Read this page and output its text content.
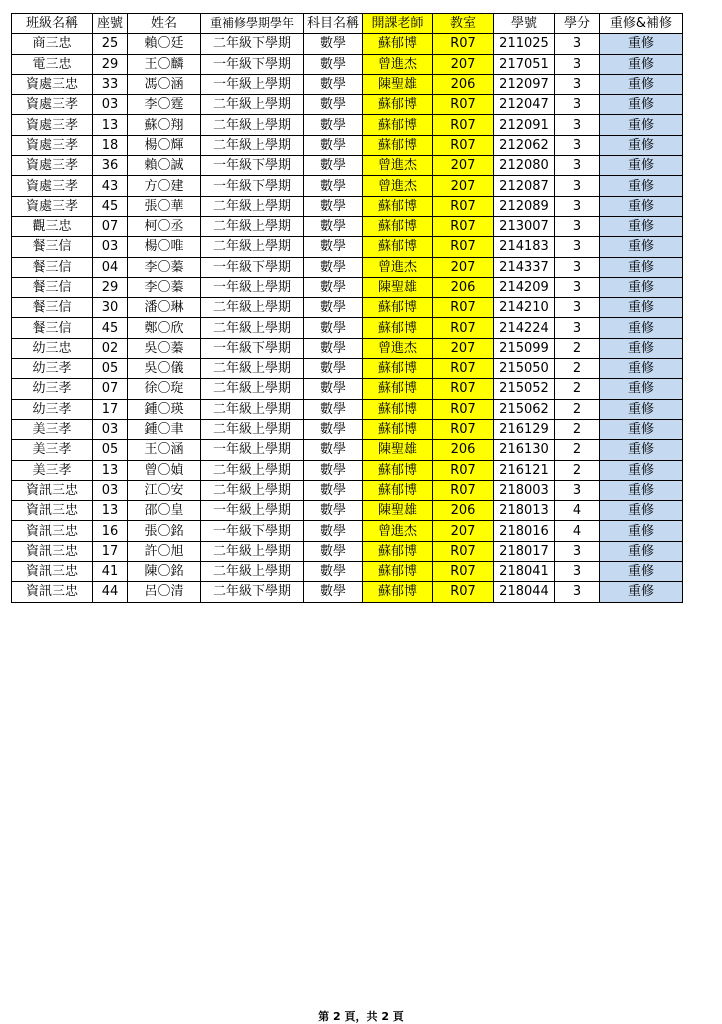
班級名稱	座號	姓名	重補修學期學年	科目名稱	開課老師	教室	學號	學分	重修&補修
商三忠	25	賴〇廷	二年級下學期	數學	蘇郁博	R07	211025	3	重修
電三忠	29	王〇麟	一年級下學期	數學	曾進杰	207	217051	3	重修
資處三忠	33	馮〇涵	一年級上學期	數學	陳聖雄	206	212097	3	重修
資處三孝	03	李〇霆	二年級上學期	數學	蘇郁博	R07	212047	3	重修
資處三孝	13	蘇〇翔	二年級上學期	數學	蘇郁博	R07	212091	3	重修
資處三孝	18	楊〇輝	二年級上學期	數學	蘇郁博	R07	212062	3	重修
資處三孝	36	賴〇誠	一年級下學期	數學	曾進杰	207	212080	3	重修
資處三孝	43	方〇建	一年級下學期	數學	曾進杰	207	212087	3	重修
資處三孝	45	張〇華	二年級上學期	數學	蘇郁博	R07	212089	3	重修
觀三忠	07	柯〇丞	二年級上學期	數學	蘇郁博	R07	213007	3	重修
餐三信	03	楊〇唯	二年級上學期	數學	蘇郁博	R07	214183	3	重修
餐三信	04	李〇蓁	一年級下學期	數學	曾進杰	207	214337	3	重修
餐三信	29	李〇蓁	一年級上學期	數學	陳聖雄	206	214209	3	重修
餐三信	30	潘〇琳	二年級上學期	數學	蘇郁博	R07	214210	3	重修
餐三信	45	鄭〇欣	二年級上學期	數學	蘇郁博	R07	214224	3	重修
幼三忠	02	吳〇蓁	一年級下學期	數學	曾進杰	207	215099	2	重修
幼三孝	05	吳〇儀	二年級上學期	數學	蘇郁博	R07	215050	2	重修
幼三孝	07	徐〇琁	二年級上學期	數學	蘇郁博	R07	215052	2	重修
幼三孝	17	鍾〇瑛	二年級上學期	數學	蘇郁博	R07	215062	2	重修
美三孝	03	鍾〇聿	二年級上學期	數學	蘇郁博	R07	216129	2	重修
美三孝	05	王〇涵	一年級上學期	數學	陳聖雄	206	216130	2	重修
美三孝	13	曾〇媜	二年級上學期	數學	蘇郁博	R07	216121	2	重修
資訊三忠	03	江〇安	二年級上學期	數學	蘇郁博	R07	218003	3	重修
資訊三忠	13	邵〇皇	一年級上學期	數學	陳聖雄	206	218013	4	重修
資訊三忠	16	張〇銘	一年級下學期	數學	曾進杰	207	218016	4	重修
資訊三忠	17	許〇旭	二年級上學期	數學	蘇郁博	R07	218017	3	重修
資訊三忠	41	陳〇銘	二年級上學期	數學	蘇郁博	R07	218041	3	重修
資訊三忠	44	呂〇清	二年級下學期	數學	蘇郁博	R07	218044	3	重修
第 2 頁，共 2 頁
